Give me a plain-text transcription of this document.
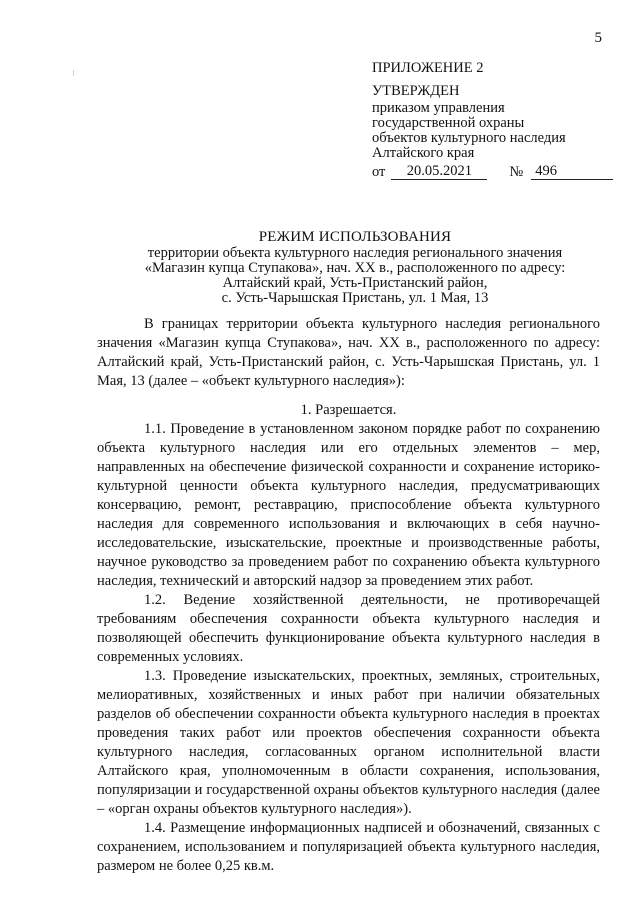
5
ПРИЛОЖЕНИЕ 2
УТВЕРЖДЕН
приказом управления
государственной охраны
объектов культурного наследия
Алтайского края
от	20.05.2021	№ 496
РЕЖИМ ИСПОЛЬЗОВАНИЯ
территории объекта культурного наследия регионального значения
«Магазин купца Ступакова», нач. XX в., расположенного по адресу:
Алтайский край, Усть-Пристанский район,
с. Усть-Чарышская Пристань, ул. 1 Мая, 13

В границах территории объекта культурного наследия регионального значения «Магазин купца Ступакова», нач. XX в., расположенного по адресу: Алтайский край, Усть-Пристанский район, с. Усть-Чарышская Пристань, ул. 1 Мая, 13 (далее – «объект культурного наследия»):

1. Разрешается.

1.1. Проведение в установленном законом порядке работ по сохранению объекта культурного наследия или его отдельных элементов – мер, направленных на обеспечение физической сохранности и сохранение историко-культурной ценности объекта культурного наследия, предусматривающих консервацию, ремонт, реставрацию, приспособление объекта культурного наследия для современного использования и включающих в себя научно-исследовательские, изыскательские, проектные и производственные работы, научное руководство за проведением работ по сохранению объекта культурного наследия, технический и авторский надзор за проведением этих работ.

1.2. Ведение хозяйственной деятельности, не противоречащей требованиям обеспечения сохранности объекта культурного наследия и позволяющей обеспечить функционирование объекта культурного наследия в современных условиях.

1.3. Проведение изыскательских, проектных, земляных, строительных, мелиоративных, хозяйственных и иных работ при наличии обязательных разделов об обеспечении сохранности объекта культурного наследия в проектах проведения таких работ или проектов обеспечения сохранности объекта культурного наследия, согласованных органом исполнительной власти Алтайского края, уполномоченным в области сохранения, использования, популяризации и государственной охраны объектов культурного наследия (далее – «орган охраны объектов культурного наследия»).

1.4. Размещение информационных надписей и обозначений, связанных с сохранением, использованием и популяризацией объекта культурного наследия, размером не более 0,25 кв.м.
